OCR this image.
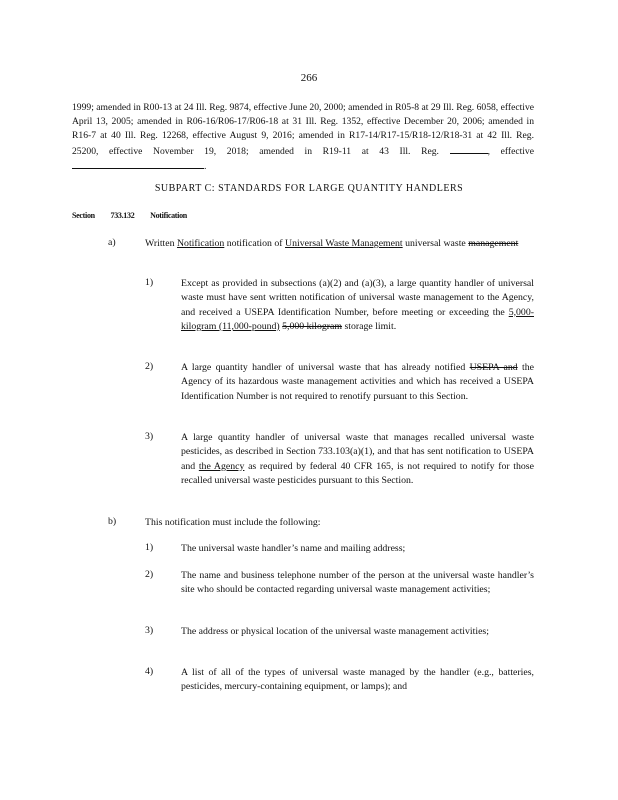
266
1999; amended in R00-13 at 24 Ill. Reg. 9874, effective June 20, 2000; amended in R05-8 at 29 Ill. Reg. 6058, effective April 13, 2005; amended in R06-16/R06-17/R06-18 at 31 Ill. Reg. 1352, effective December 20, 2006; amended in R16-7 at 40 Ill. Reg. 12268, effective August 9, 2016; amended in R17-14/R17-15/R18-12/R18-31 at 42 Ill. Reg. 25200, effective November 19, 2018; amended in R19-11 at 43 Ill. Reg.	, effective .
SUBPART C: STANDARDS FOR LARGE QUANTITY HANDLERS
Section 733.132 Notification
a)	Written Notification notification of Universal Waste Management universal waste management
1)	Except as provided in subsections (a)(2) and (a)(3), a large quantity handler of universal waste must have sent written notification of universal waste management to the Agency, and received a USEPA Identification Number, before meeting or exceeding the 5,000-kilogram (11,000-pound) 5,000 kilogram storage limit.
2)	A large quantity handler of universal waste that has already notified USEPA and the Agency of its hazardous waste management activities and which has received a USEPA Identification Number is not required to renotify pursuant to this Section.
3)	A large quantity handler of universal waste that manages recalled universal waste pesticides, as described in Section 733.103(a)(1), and that has sent notification to USEPA and the Agency as required by federal 40 CFR 165, is not required to notify for those recalled universal waste pesticides pursuant to this Section.
b)	This notification must include the following:
1)	The universal waste handler’s name and mailing address;
2)	The name and business telephone number of the person at the universal waste handler’s site who should be contacted regarding universal waste management activities;
3)	The address or physical location of the universal waste management activities;
4)	A list of all of the types of universal waste managed by the handler (e.g., batteries, pesticides, mercury-containing equipment, or lamps); and
